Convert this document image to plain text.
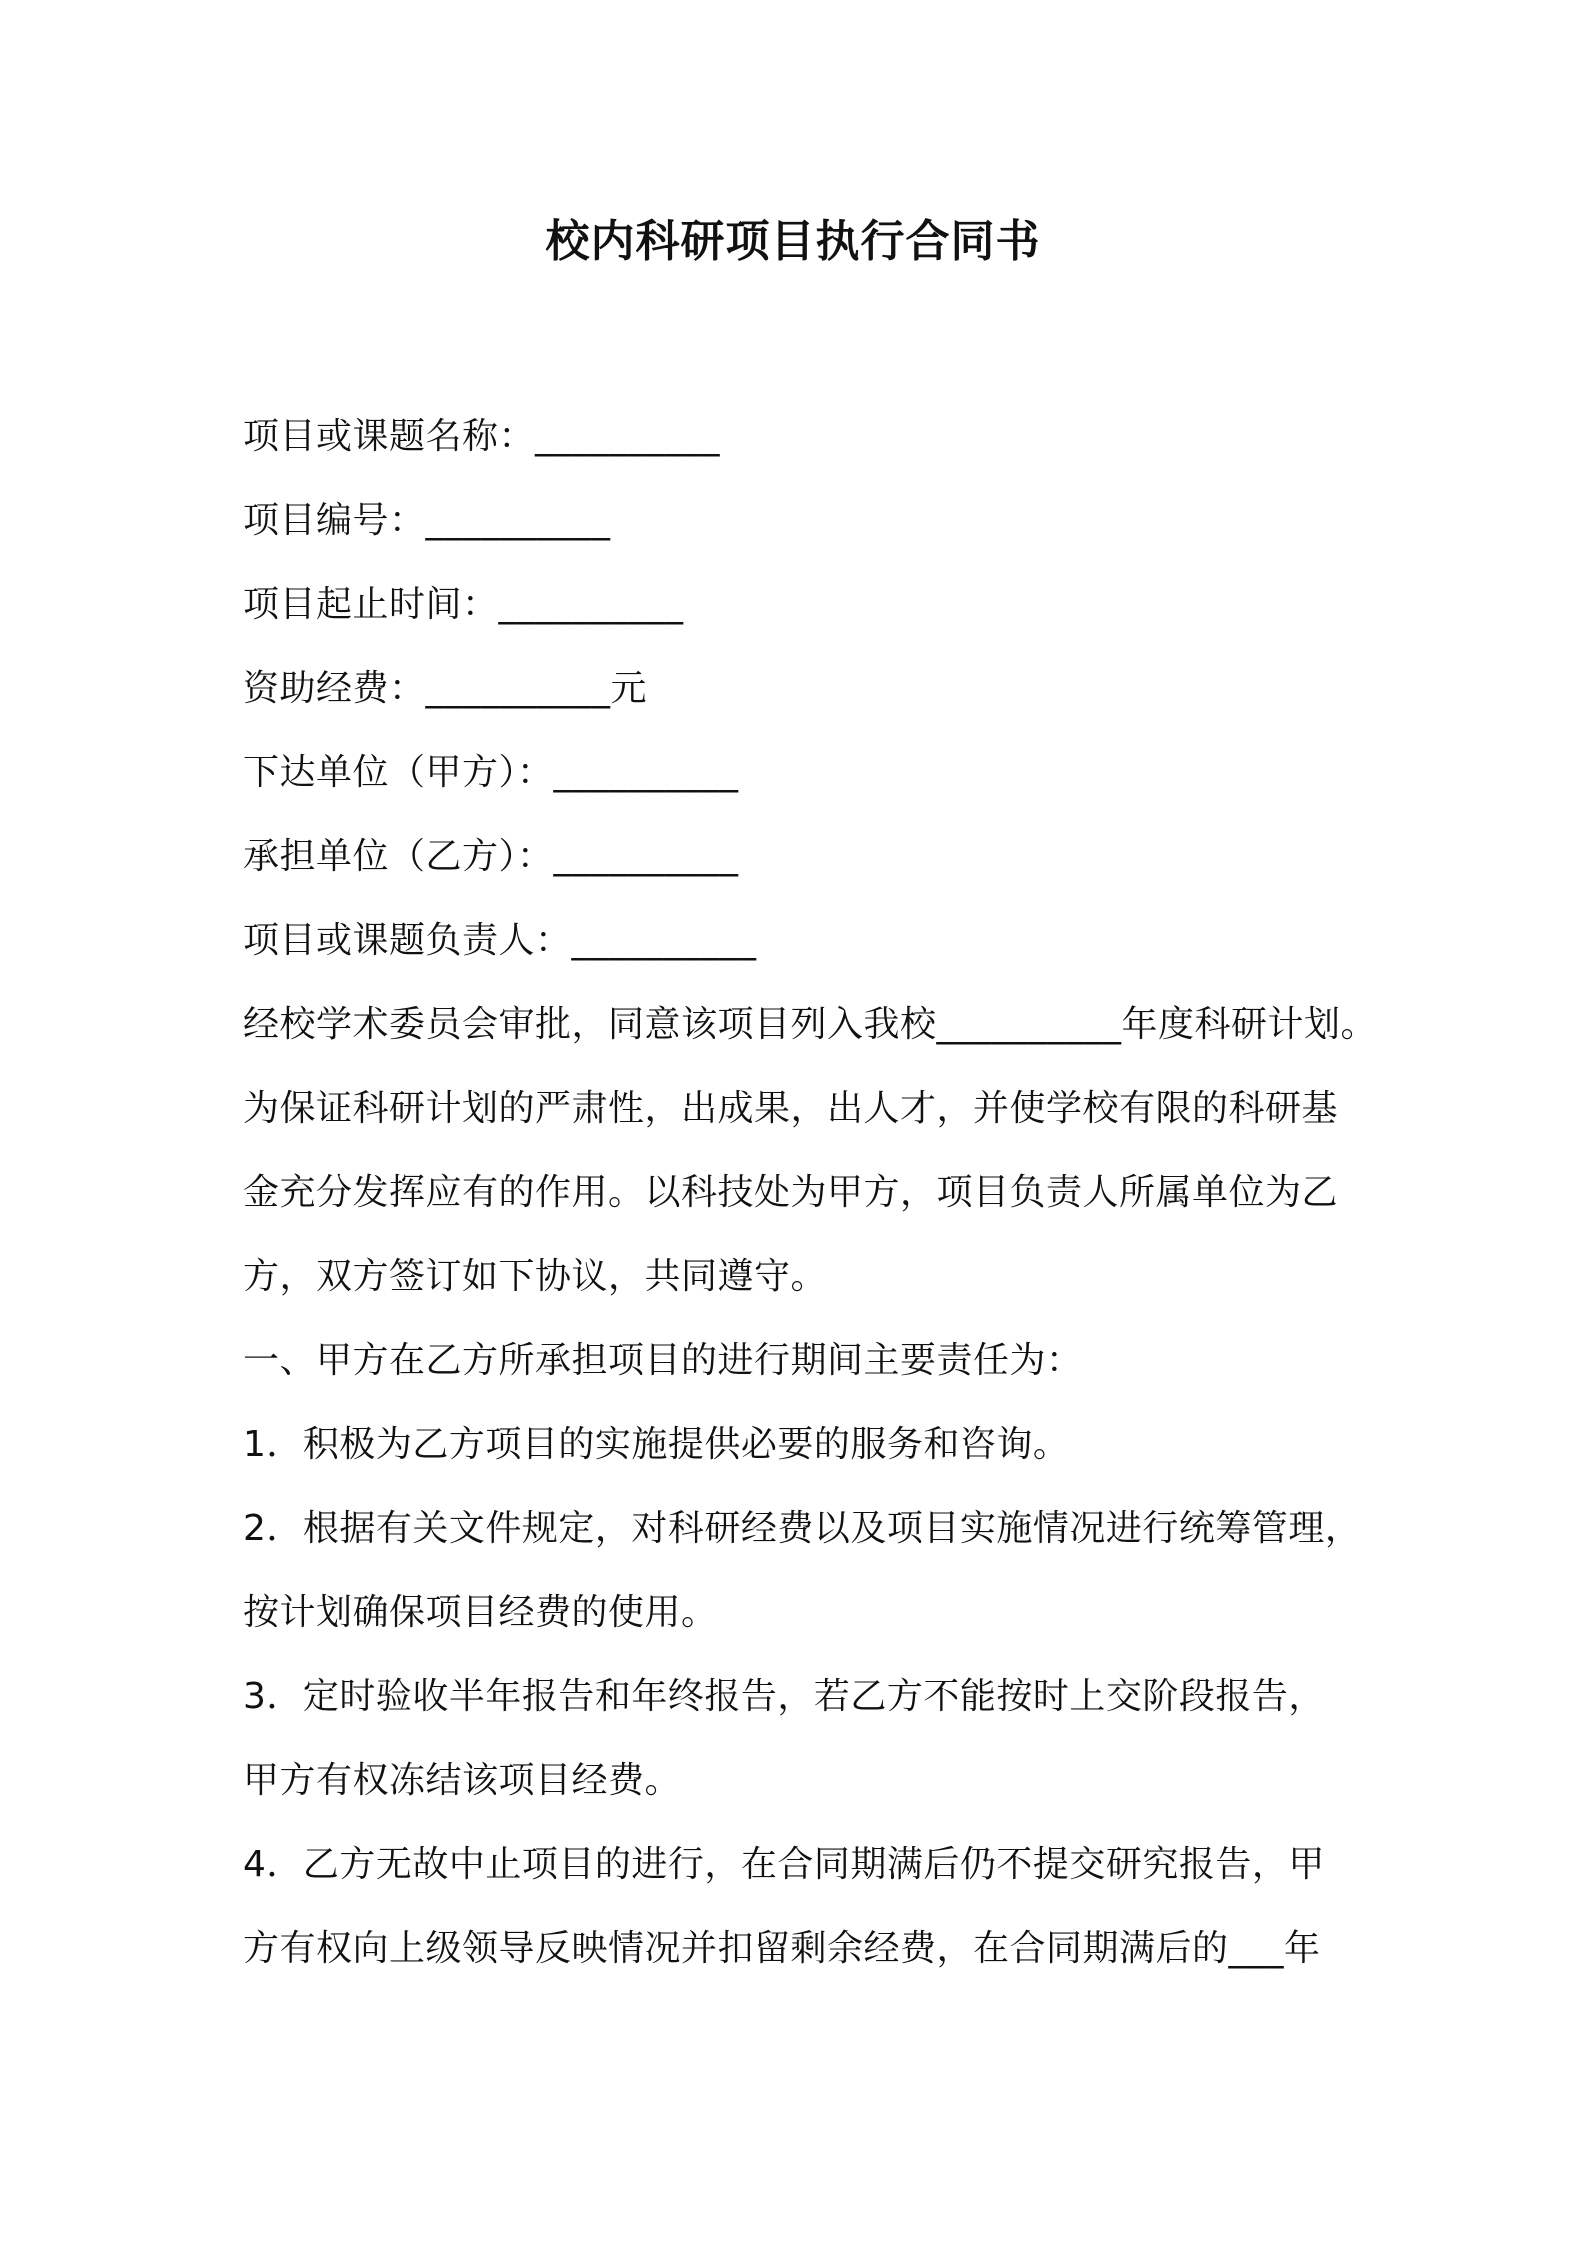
校内科研项目执行合同书
项目或课题名称：__________
项目编号：__________
项目起止时间：__________
资助经费：__________元
下达单位（甲方）：__________
承担单位（乙方）：__________
项目或课题负责人：__________
经校学术委员会审批，同意该项目列入我校__________年度科研计划。
为保证科研计划的严肃性，出成果，出人才，并使学校有限的科研基
金充分发挥应有的作用。以科技处为甲方，项目负责人所属单位为乙
方，双方签订如下协议，共同遵守。
一、甲方在乙方所承担项目的进行期间主要责任为：
1．积极为乙方项目的实施提供必要的服务和咨询。
2．根据有关文件规定，对科研经费以及项目实施情况进行统筹管理，
按计划确保项目经费的使用。
3．定时验收半年报告和年终报告，若乙方不能按时上交阶段报告，
甲方有权冻结该项目经费。
4．乙方无故中止项目的进行，在合同期满后仍不提交研究报告，甲
方有权向上级领导反映情况并扣留剩余经费，在合同期满后的___年
